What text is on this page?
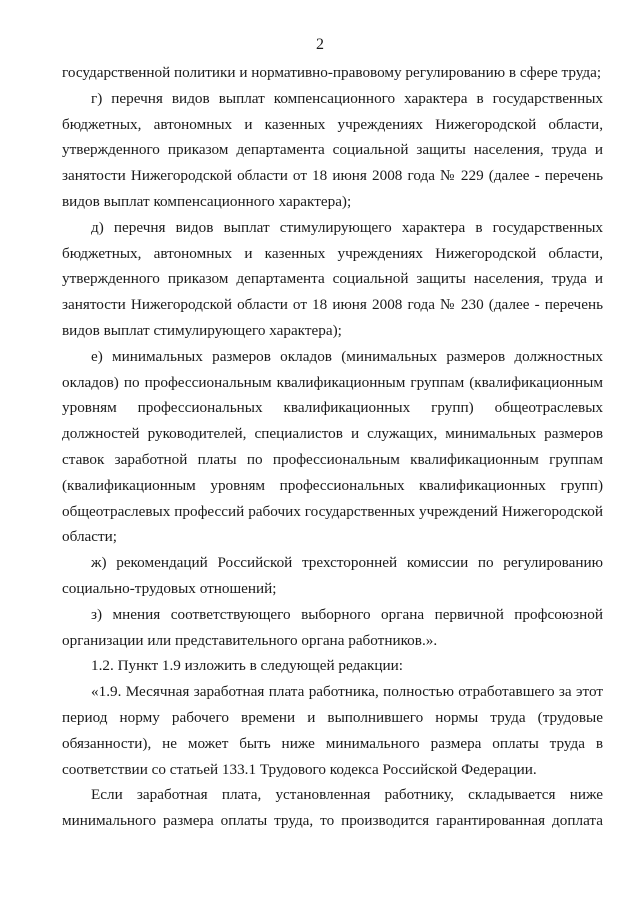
2

государственной политики и нормативно-правовому регулированию в сфере труда;

г) перечня видов выплат компенсационного характера в государственных бюджетных, автономных и казенных учреждениях Нижегородской области, утвержденного приказом департамента социальной защиты населения, труда и занятости Нижегородской области от 18 июня 2008 года № 229 (далее - перечень видов выплат компенсационного характера);

д) перечня видов выплат стимулирующего характера в государственных бюджетных, автономных и казенных учреждениях Нижегородской области, утвержденного приказом департамента социальной защиты населения, труда и занятости Нижегородской области от 18 июня 2008 года № 230 (далее - перечень видов выплат стимулирующего характера);

е) минимальных размеров окладов (минимальных размеров должностных окладов) по профессиональным квалификационным группам (квалификационным уровням профессиональных квалификационных групп) общеотраслевых должностей руководителей, специалистов и служащих, минимальных размеров ставок заработной платы по профессиональным квалификационным группам (квалификационным уровням профессиональных квалификационных групп) общеотраслевых профессий рабочих государственных учреждений Нижегородской области;

ж) рекомендаций Российской трехсторонней комиссии по регулированию социально-трудовых отношений;

з) мнения соответствующего выборного органа первичной профсоюзной организации или представительного органа работников.».

1.2. Пункт 1.9 изложить в следующей редакции:

«1.9. Месячная заработная плата работника, полностью отработавшего за этот период норму рабочего времени и выполнившего нормы труда (трудовые обязанности), не может быть ниже минимального размера оплаты труда в соответствии со статьей 133.1 Трудового кодекса Российской Федерации.

Если заработная плата, установленная работнику, складывается ниже минимального размера оплаты труда, то производится гарантированная доплата
